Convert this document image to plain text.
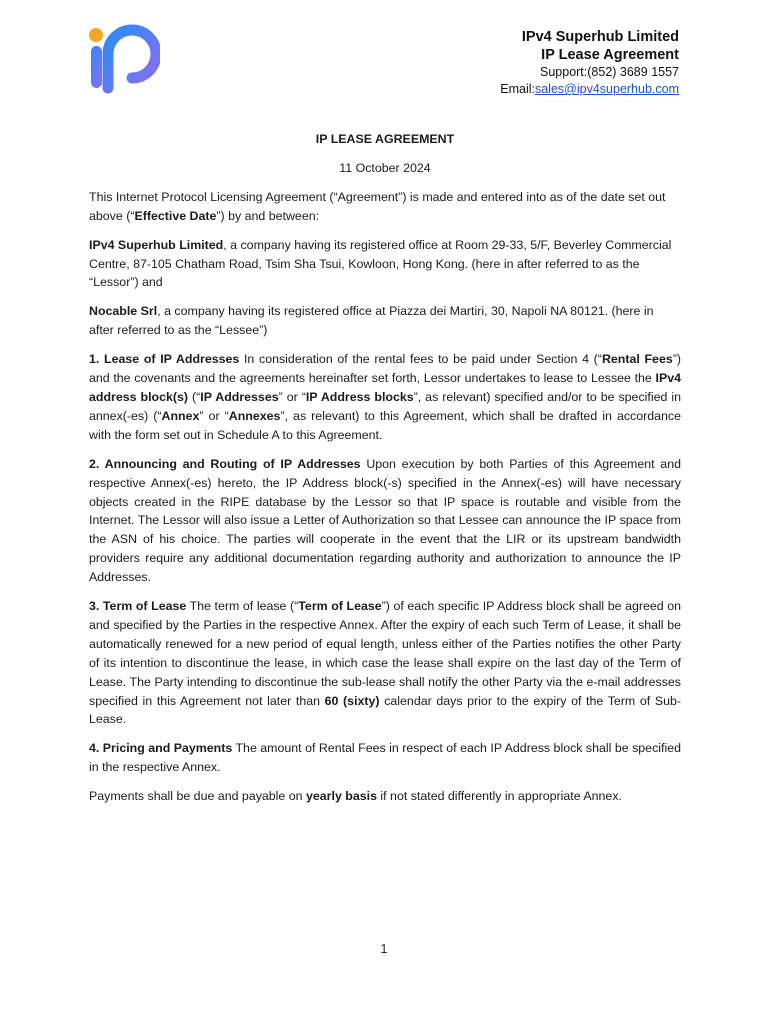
IPv4 Superhub Limited
IP Lease Agreement
Support:(852) 3689 1557
Email:sales@ipv4superhub.com
IP LEASE AGREEMENT
11 October 2024

This Internet Protocol Licensing Agreement (“Agreement”) is made and entered into as of the date set out above (“Effective Date”) by and between:

IPv4 Superhub Limited, a company having its registered office at Room 29-33, 5/F, Beverley Commercial Centre, 87-105 Chatham Road, Tsim Sha Tsui, Kowloon, Hong Kong. (here in after referred to as the “Lessor”) and

Nocable Srl, a company having its registered office at Piazza dei Martiri, 30, Napoli NA 80121. (here in after referred to as the “Lessee”)

1. Lease of IP Addresses In consideration of the rental fees to be paid under Section 4 (“Rental Fees”) and the covenants and the agreements hereinafter set forth, Lessor undertakes to lease to Lessee the IPv4 address block(s) (“IP Addresses” or “IP Address blocks”, as relevant) specified and/or to be specified in annex(-es) (“Annex” or “Annexes”, as relevant) to this Agreement, which shall be drafted in accordance with the form set out in Schedule A to this Agreement.

2. Announcing and Routing of IP Addresses Upon execution by both Parties of this Agreement and respective Annex(-es) hereto, the IP Address block(-s) specified in the Annex(-es) will have necessary objects created in the RIPE database by the Lessor so that IP space is routable and visible from the Internet. The Lessor will also issue a Letter of Authorization so that Lessee can announce the IP space from the ASN of his choice. The parties will cooperate in the event that the LIR or its upstream bandwidth providers require any additional documentation regarding authority and authorization to announce the IP Addresses.

3. Term of Lease The term of lease (“Term of Lease”) of each specific IP Address block shall be agreed on and specified by the Parties in the respective Annex. After the expiry of each such Term of Lease, it shall be automatically renewed for a new period of equal length, unless either of the Parties notifies the other Party of its intention to discontinue the lease, in which case the lease shall expire on the last day of the Term of Lease. The Party intending to discontinue the sub-lease shall notify the other Party via the e-mail addresses specified in this Agreement not later than 60 (sixty) calendar days prior to the expiry of the Term of Sub-Lease.

4. Pricing and Payments The amount of Rental Fees in respect of each IP Address block shall be specified in the respective Annex.

Payments shall be due and payable on yearly basis if not stated differently in appropriate Annex.

1
